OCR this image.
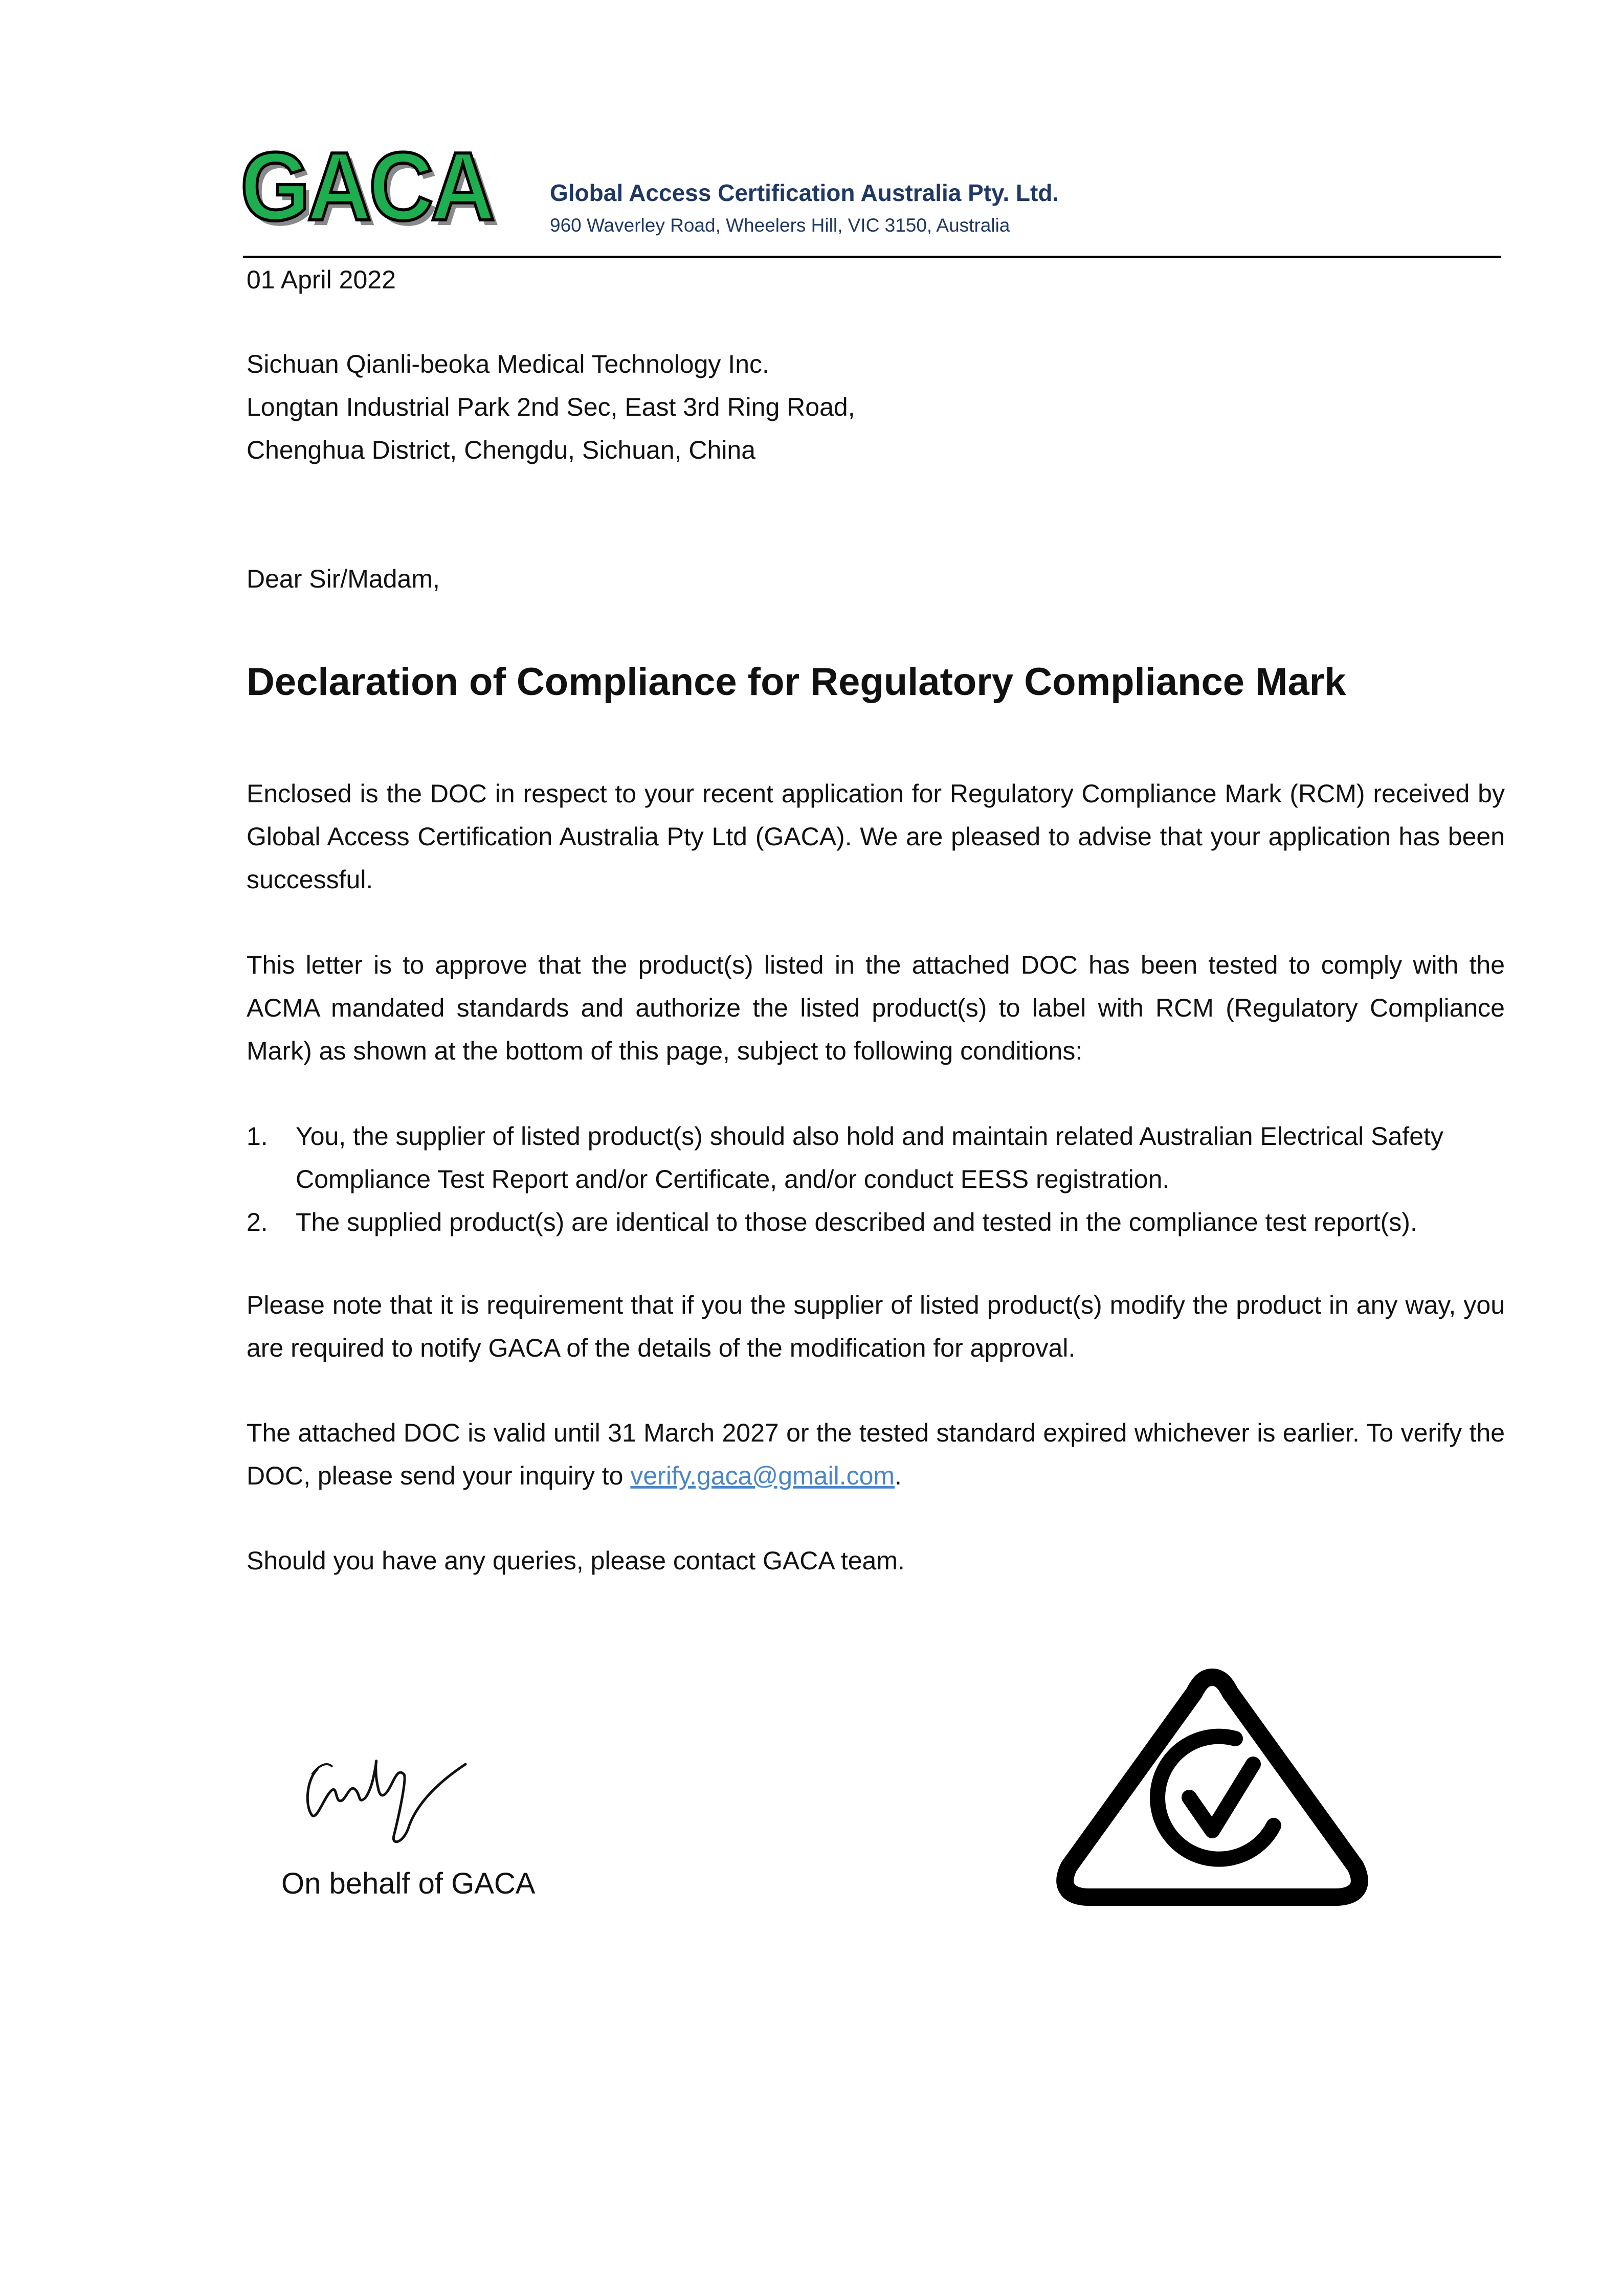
GACA Global Access Certification Australia Pty. Ltd.
960 Waverley Road, Wheelers Hill, VIC 3150, Australia
01 April 2022
Sichuan Qianli-beoka Medical Technology Inc.
Longtan Industrial Park 2nd Sec, East 3rd Ring Road,
Chenghua District, Chengdu, Sichuan, China
Dear Sir/Madam,
Declaration of Compliance for Regulatory Compliance Mark
Enclosed is the DOC in respect to your recent application for Regulatory Compliance Mark (RCM) received by Global Access Certification Australia Pty Ltd (GACA). We are pleased to advise that your application has been successful.
This letter is to approve that the product(s) listed in the attached DOC has been tested to comply with the ACMA mandated standards and authorize the listed product(s) to label with RCM (Regulatory Compliance Mark) as shown at the bottom of this page, subject to following conditions:
1.	You, the supplier of listed product(s) should also hold and maintain related Australian Electrical Safety Compliance Test Report and/or Certificate, and/or conduct EESS registration.
2.	The supplied product(s) are identical to those described and tested in the compliance test report(s).
Please note that it is requirement that if you the supplier of listed product(s) modify the product in any way, you are required to notify GACA of the details of the modification for approval.
The attached DOC is valid until 31 March 2027 or the tested standard expired whichever is earlier. To verify the DOC, please send your inquiry to verify.gaca@gmail.com.
Should you have any queries, please contact GACA team.
On behalf of GACA
